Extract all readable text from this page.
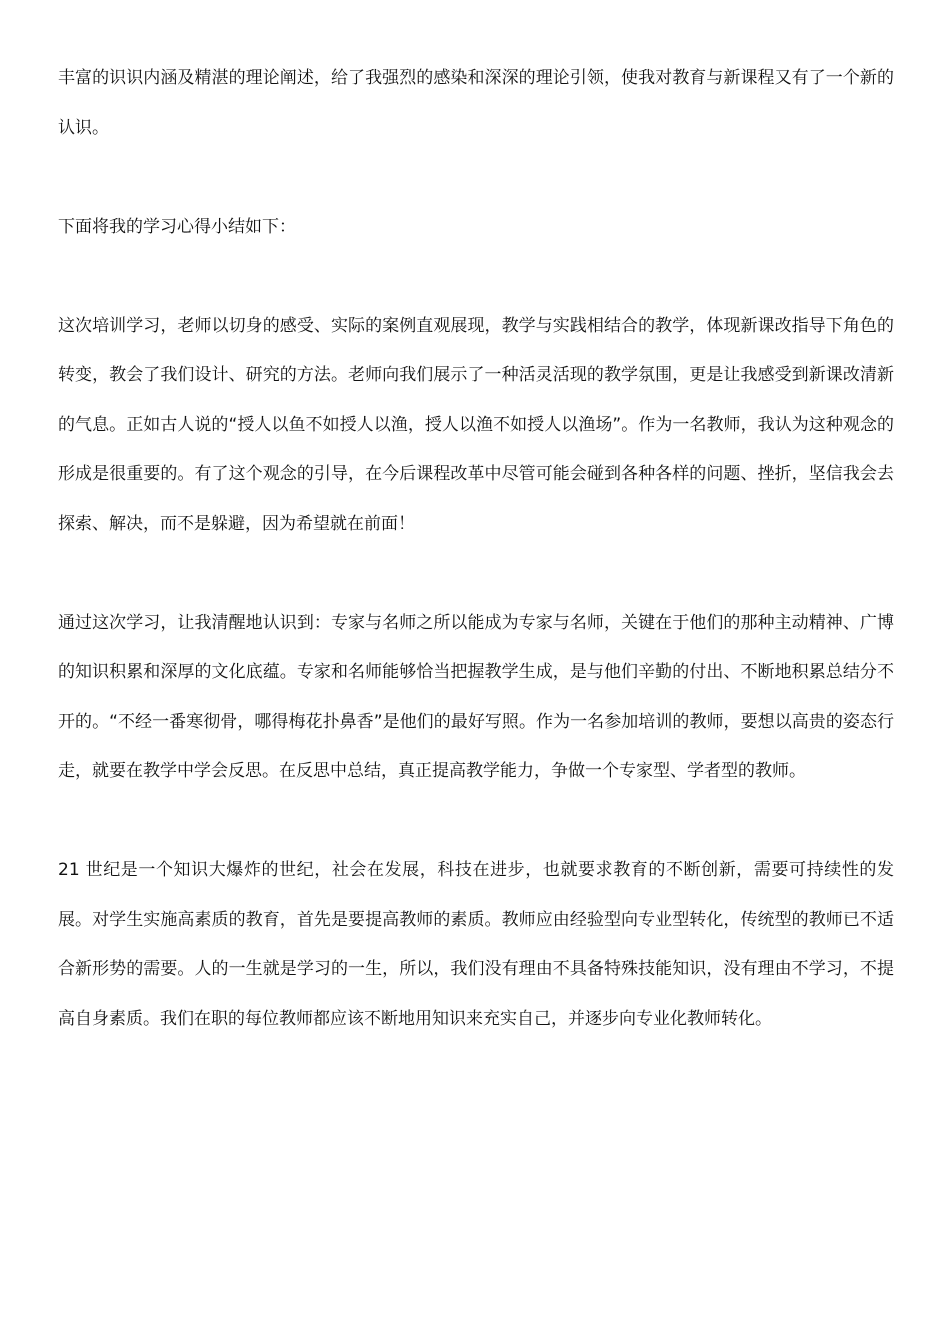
丰富的识识内涵及精湛的理论阐述，给了我强烈的感染和深深的理论引领，使我对教育与新课程又有了一个新的认识。

下面将我的学习心得小结如下：

这次培训学习，老师以切身的感受、实际的案例直观展现，教学与实践相结合的教学，体现新课改指导下角色的转变，教会了我们设计、研究的方法。老师向我们展示了一种活灵活现的教学氛围，更是让我感受到新课改清新的气息。正如古人说的“授人以鱼不如授人以渔，授人以渔不如授人以渔场”。作为一名教师，我认为这种观念的形成是很重要的。有了这个观念的引导，在今后课程改革中尽管可能会碰到各种各样的问题、挫折，坚信我会去探索、解决，而不是躲避，因为希望就在前面！

通过这次学习，让我清醒地认识到：专家与名师之所以能成为专家与名师，关键在于他们的那种主动精神、广博的知识积累和深厚的文化底蕴。专家和名师能够恰当把握教学生成，是与他们辛勤的付出、不断地积累总结分不开的。“不经一番寒彻骨，哪得梅花扑鼻香”是他们的最好写照。作为一名参加培训的教师，要想以高贵的姿态行走，就要在教学中学会反思。在反思中总结，真正提高教学能力，争做一个专家型、学者型的教师。

21 世纪是一个知识大爆炸的世纪，社会在发展，科技在进步，也就要求教育的不断创新，需要可持续性的发展。对学生实施高素质的教育，首先是要提高教师的素质。教师应由经验型向专业型转化，传统型的教师已不适合新形势的需要。人的一生就是学习的一生，所以，我们没有理由不具备特殊技能知识，没有理由不学习，不提高自身素质。我们在职的每位教师都应该不断地用知识来充实自己，并逐步向专业化教师转化。
